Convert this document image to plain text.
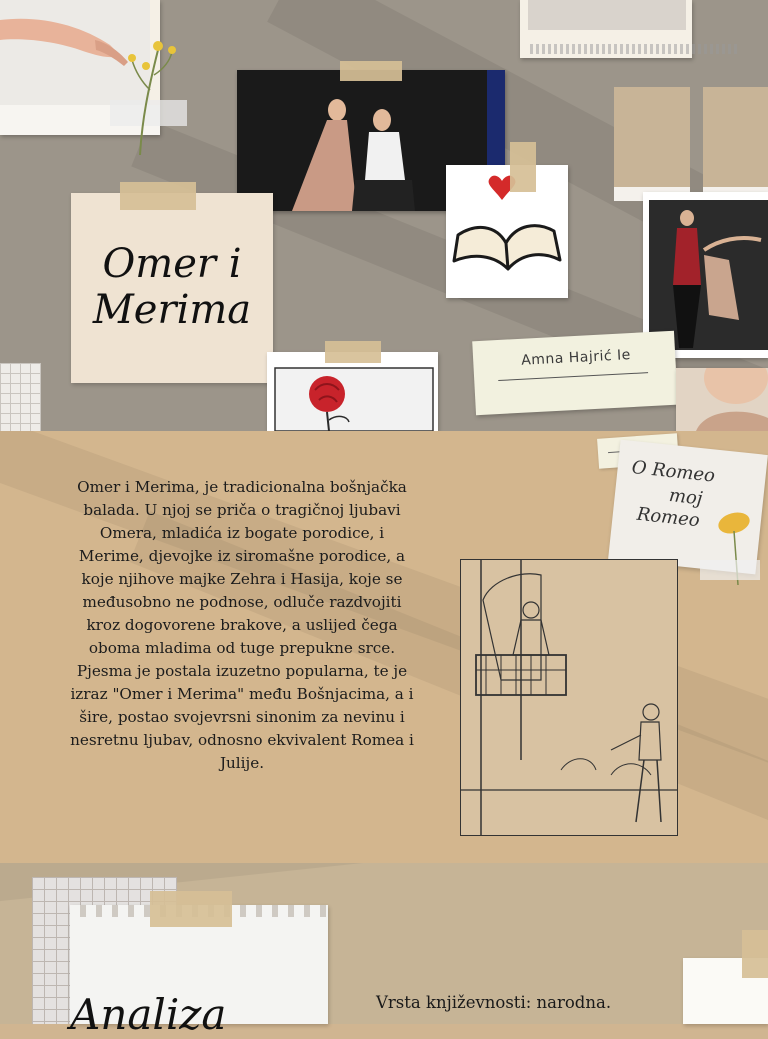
Omer i
Merima
Amna Hajrić Ie
Omer i Merima, je tradicionalna bošnjačka balada. U njoj se priča o tragičnoj ljubavi Omera, mladića iz bogate porodice, i Merime, djevojke iz siromašne porodice, a koje njihove majke Zehra i Hasija, koje se međusobno ne podnose, odluče razdvojiti kroz dogovorene brakove, a uslijed čega oboma mladima od tuge prepukne srce. Pjesma je postala izuzetno popularna, te je izraz "Omer i Merima" među Bošnjacima, a i šire, postao svojevrsni sinonim za nevinu i nesretnu ljubav, odnosno ekvivalent Romea i Julije.
O Romeo
moj
Romeo
Analiza	Vrsta književnosti: narodna.
